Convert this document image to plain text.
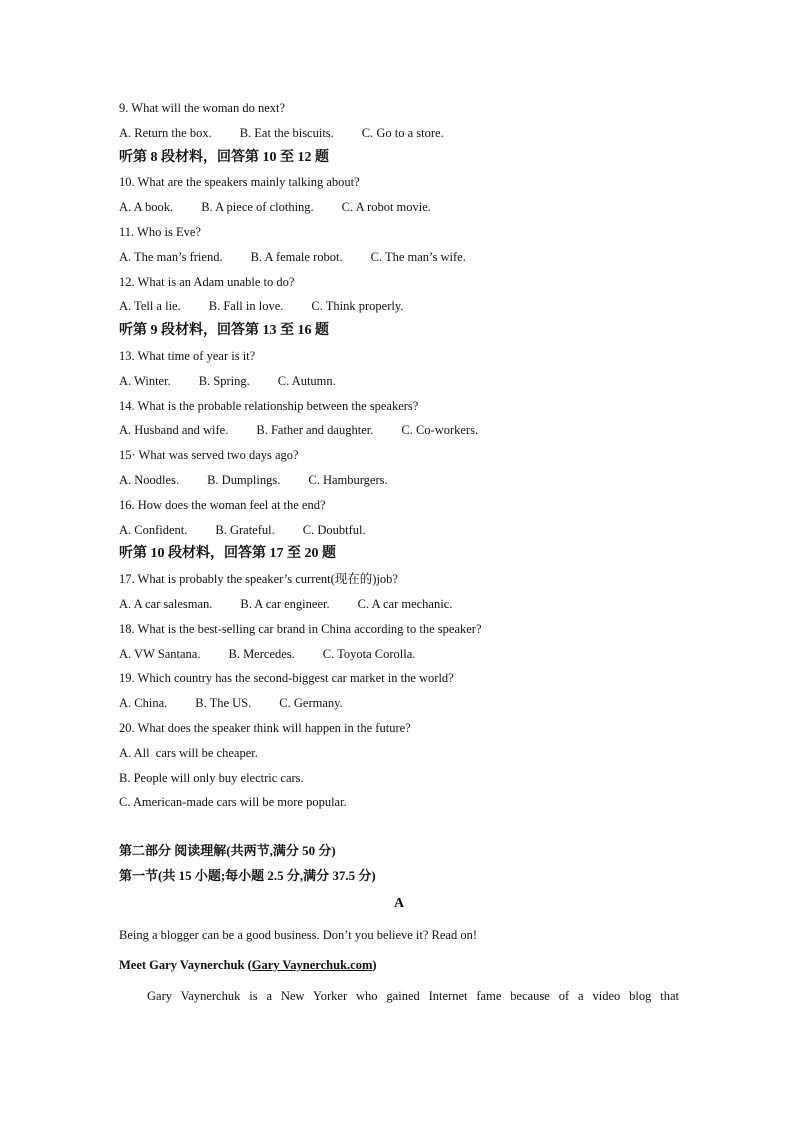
9. What will the woman do next?
A. Return the box. B. Eat the biscuits. C. Go to a store.
听第 8 段材料，回答第 10 至 12 题
10. What are the speakers mainly talking about?
A. A book. B. A piece of clothing. C. A robot movie.
11. Who is Eve?
A. The man’s friend. B. A female robot. C. The man’s wife.
12. What is an Adam unable to do?
A. Tell a lie. B. Fall in love. C. Think properly.
听第 9 段材料，回答第 13 至 16 题
13. What time of year is it?
A. Winter. B. Spring. C. Autumn.
14. What is the probable relationship between the speakers?
A. Husband and wife. B. Father and daughter. C. Co-workers.
15· What was served two days ago?
A. Noodles. B. Dumplings. C. Hamburgers.
16. How does the woman feel at the end?
A. Confident. B. Grateful. C. Doubtful.
听第 10 段材料，回答第 17 至 20 题
17. What is probably the speaker’s current(现在的)job?
A. A car salesman. B. A car engineer. C. A car mechanic.
18. What is the best-selling car brand in China according to the speaker?
A. VW Santana. B. Mercedes. C. Toyota Corolla.
19. Which country has the second-biggest car market in the world?
A. China. B. The US. C. Germany.
20. What does the speaker think will happen in the future?
A. All  cars will be cheaper.
B. People will only buy electric cars.
C. American-made cars will be more popular.
第二部分 阅读理解(共两节,满分 50 分)
第一节(共 15 小题;每小题 2.5 分,满分 37.5 分)
A
Being a blogger can be a good business. Don’t you believe it? Read on!
Meet Gary Vaynerchuk (Gary Vaynerchuk.com)
Gary Vaynerchuk is a New Yorker who gained Internet fame because of a video blog that
